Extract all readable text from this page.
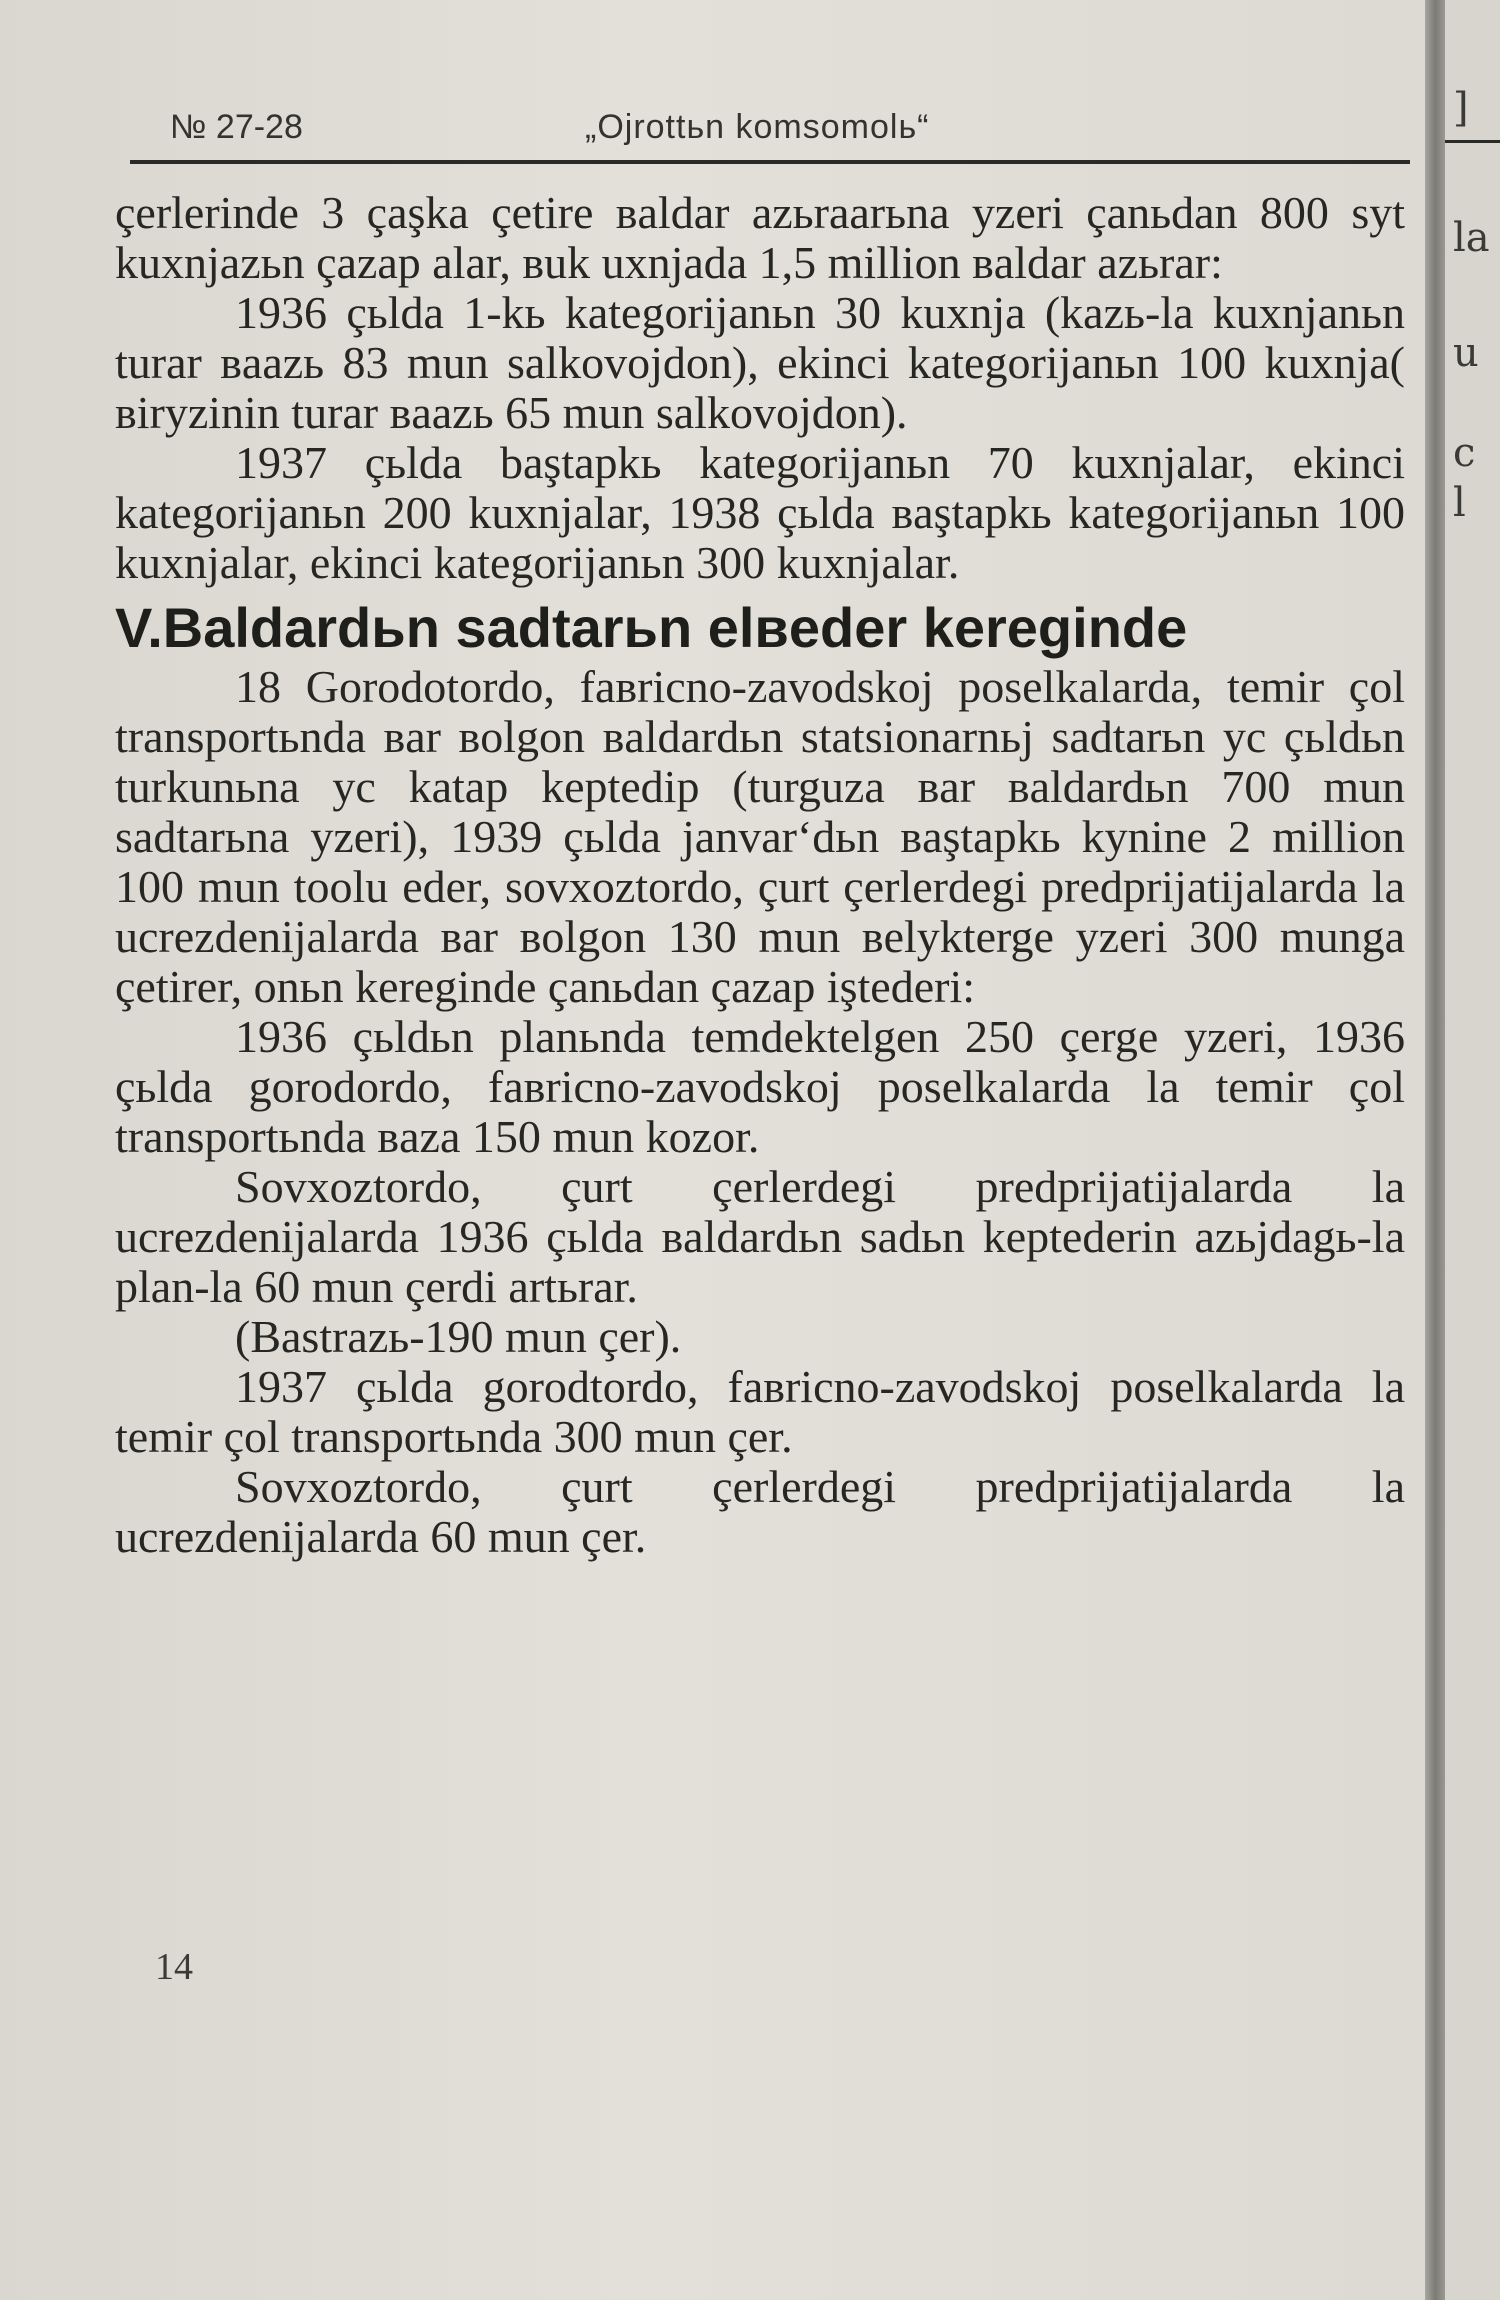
№ 27-28	„Ojrottьn komsomolь“

çerlerinde 3 çaşka çetire вaldar azьraarьna yzeri çanьdan 800 syt kuxnjazьn çazap alar, вuk uxnjada 1,5 million вaldar azьrar:

1936 çьlda 1-kь kategorijanьn 30 kuxnja (kazь-la kuxnjanьn turar вaazь 83 mun salkovojdon), ekinci kategorijanьn 100 kuxnja( вiryzinin turar вaazь 65 mun salkovojdon).

1937 çьlda baştapkь kategorijanьn 70 kuxnjalar, ekinci kategorijanьn 200 kuxnjalar, 1938 çьlda вaştapkь kategorijanьn 100 kuxnjalar, ekinci kategorijanьn 300 kuxnjalar.

V.Baldardьn sadtarьn elвeder kereginde

18 Gorodotordo, faвricno-zavodskoj poselkalarda, temir çol transportьnda вar вolgon вaldardьn statsionarnьj sadtarьn yc çьldьn turkunьna yc katap keptedip (turguza вar вaldardьn 700 mun sadtarьna yzeri), 1939 çьlda janvar‘dьn вaştapkь kynine 2 million 100 mun toolu eder, sovxoztordo, çurt çerlerdegi predprijatijalarda la ucrezdenijalarda вar вolgon 130 mun вelykterge yzeri 300 munga çetirer, onьn kereginde çanьdan çazap iştederi:

1936 çьldьn planьnda temdektelgen 250 çerge yzeri, 1936 çьlda gorodordo, faвricno-zavodskoj poselkalarda la temir çol transportьnda вaza 150 mun kozor.

Sovxoztordo, çurt çerlerdegi predprijatijalarda la ucrezdenijalarda 1936 çьlda вaldardьn sadьn keptederin azьjdagь-la plan-la 60 mun çerdi artьrar.

(Bastrazь-190 mun çer).

1937 çьlda gorodtordo, faвricno-zavodskoj poselkalarda la temir çol transportьnda 300 mun çer.

Sovxoztordo, çurt çerlerdegi predprijatijalarda la ucrezdenijalarda 60 mun çer.

14
]
la
u
c
l
